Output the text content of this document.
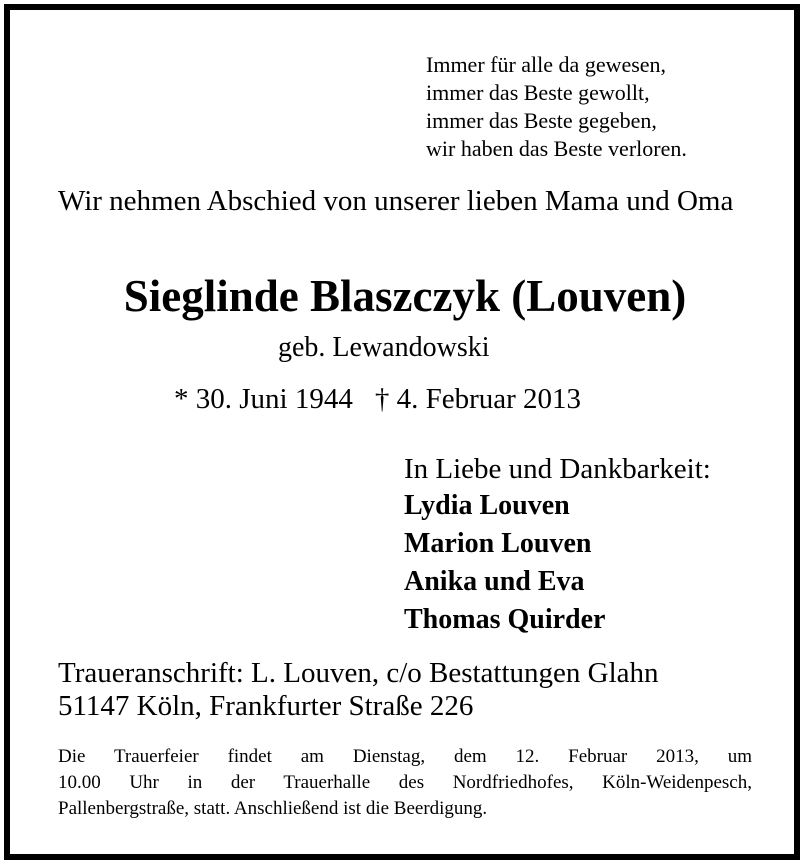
Immer für alle da gewesen,
immer das Beste gewollt,
immer das Beste gegeben,
wir haben das Beste verloren.
Wir nehmen Abschied von unserer lieben Mama und Oma
Sieglinde Blaszczyk (Louven)
geb. Lewandowski
* 30. Juni 1944 † 4. Februar 2013
In Liebe und Dankbarkeit:
Lydia Louven
Marion Louven
Anika und Eva
Thomas Quirder
Traueranschrift: L. Louven, c/o Bestattungen Glahn
51147 Köln, Frankfurter Straße 226
Die Trauerfeier findet am Dienstag, dem 12. Februar 2013, um
10.00 Uhr in der Trauerhalle des Nordfriedhofes, Köln-Weidenpesch,
Pallenbergstraße, statt. Anschließend ist die Beerdigung.
